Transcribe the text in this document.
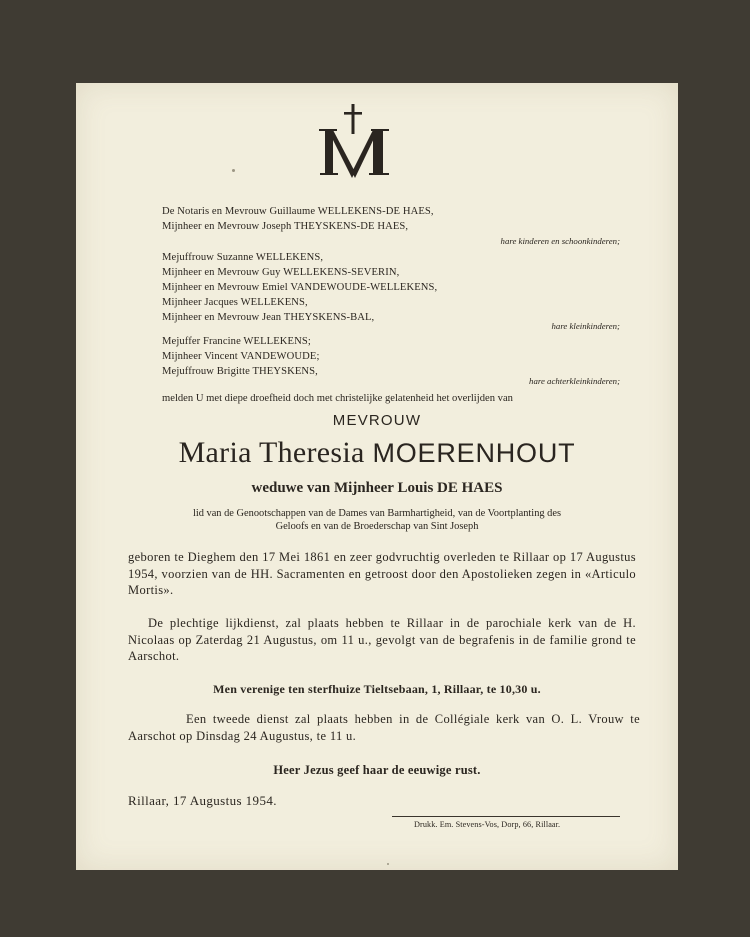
De Notaris en Mevrouw Guillaume WELLEKENS-DE HAES,
Mijnheer en Mevrouw Joseph THEYSKENS-DE HAES,
hare kinderen en schoonkinderen;
Mejuffrouw Suzanne WELLEKENS,
Mijnheer en Mevrouw Guy WELLEKENS-SEVERIN,
Mijnheer en Mevrouw Emiel VANDEWOUDE-WELLEKENS,
Mijnheer Jacques WELLEKENS,
Mijnheer en Mevrouw Jean THEYSKENS-BAL,
hare kleinkinderen;
Mejuffer Francine WELLEKENS;
Mijnheer Vincent VANDEWOUDE;
Mejuffrouw Brigitte THEYSKENS,
hare achterkleinkinderen;
melden U met diepe droefheid doch met christelijke gelatenheid het overlijden van
MEVROUW
Maria Theresia MOERENHOUT
weduwe van Mijnheer Louis DE HAES
lid van de Genootschappen van de Dames van Barmhartigheid, van de Voortplanting des
Geloofs en van de Broederschap van Sint Joseph
geboren te Dieghem den 17 Mei 1861 en zeer godvruchtig overleden te Rillaar op 17 Augustus 1954, voorzien van de HH. Sacramenten en getroost door den Apostolieken zegen in «Articulo Mortis».
De plechtige lijkdienst, zal plaats hebben te Rillaar in de parochiale kerk van de H. Nicolaas op Zaterdag 21 Augustus, om 11 u., gevolgt van de begrafenis in de familie grond te Aarschot.
Men verenige ten sterfhuize Tieltsebaan, 1, Rillaar, te 10,30 u.
Een tweede dienst zal plaats hebben in de Collégiale kerk van O. L. Vrouw te Aarschot op Dinsdag 24 Augustus, te 11 u.
Heer Jezus geef haar de eeuwige rust.
Rillaar, 17 Augustus 1954.
Drukk. Em. Stevens-Vos, Dorp, 66, Rillaar.
